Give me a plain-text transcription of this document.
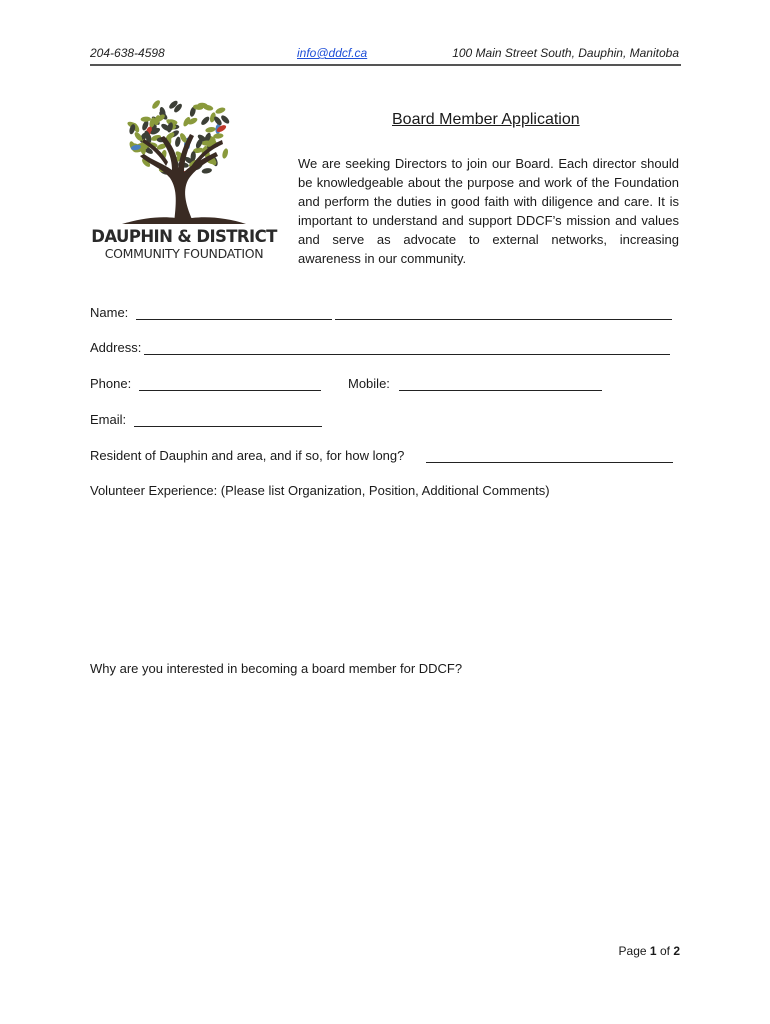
204-638-4598	info@ddcf.ca	100 Main Street South, Dauphin, Manitoba
DAUPHIN & DISTRICT
COMMUNITY FOUNDATION
Board Member Application
We are seeking Directors to join our Board. Each director should be knowledgeable about the purpose and work of the Foundation and perform the duties in good faith with diligence and care. It is important to understand and support DDCF’s mission and values and serve as advocate to external networks, increasing awareness in our community.
Name:
Address:
Phone:	Mobile:
Email:
Resident of Dauphin and area, and if so, for how long?
Volunteer Experience: (Please list Organization, Position, Additional Comments)
Why are you interested in becoming a board member for DDCF?
Page 1 of 2
